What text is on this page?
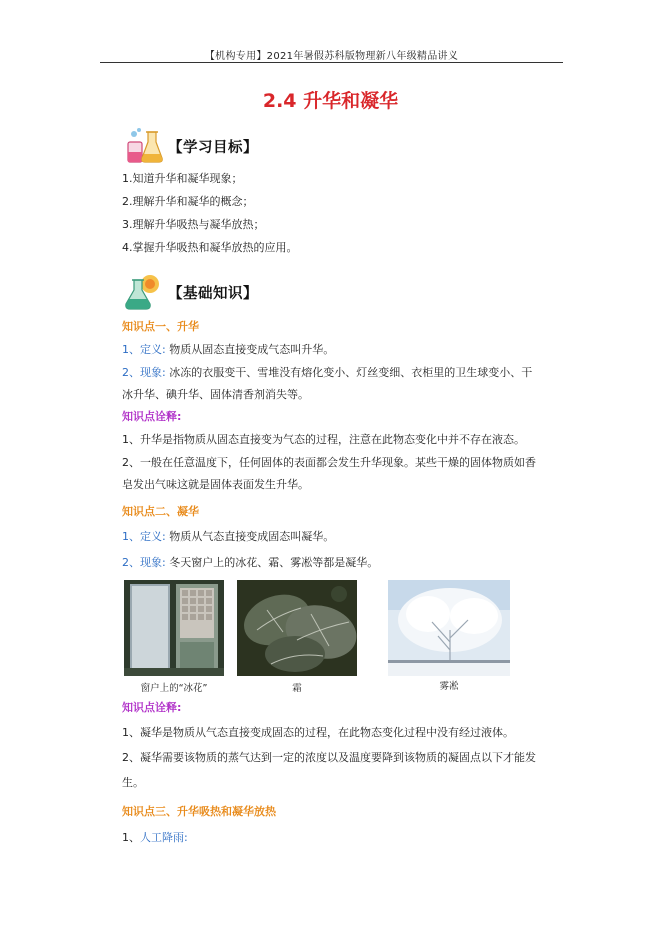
【机构专用】2021年暑假苏科版物理新八年级精品讲义
2.4 升华和凝华
【学习目标】
1.知道升华和凝华现象；
2.理解升华和凝华的概念；
3.理解升华吸热与凝华放热；
4.掌握升华吸热和凝华放热的应用。
【基础知识】
知识点一、升华
1、定义: 物质从固态直接变成气态叫升华。
2、现象: 冰冻的衣服变干、雪堆没有熔化变小、灯丝变细、衣柜里的卫生球变小、干
冰升华、碘升华、固体清香剂消失等。
知识点诠释:
1、升华是指物质从固态直接变为气态的过程，注意在此物态变化中并不存在液态。
2、一般在任意温度下，任何固体的表面都会发生升华现象。某些干燥的固体物质如香
皂发出气味这就是固体表面发生升华。
知识点二、凝华
1、定义: 物质从气态直接变成固态叫凝华。
2、现象: 冬天窗户上的冰花、霜、雾凇等都是凝华。
窗户上的“冰花”	霜	雾凇
知识点诠释:
1、凝华是物质从气态直接变成固态的过程，在此物态变化过程中没有经过液体。
2、凝华需要该物质的蒸气达到一定的浓度以及温度要降到该物质的凝固点以下才能发
生。
知识点三、升华吸热和凝华放热
1、人工降雨:
